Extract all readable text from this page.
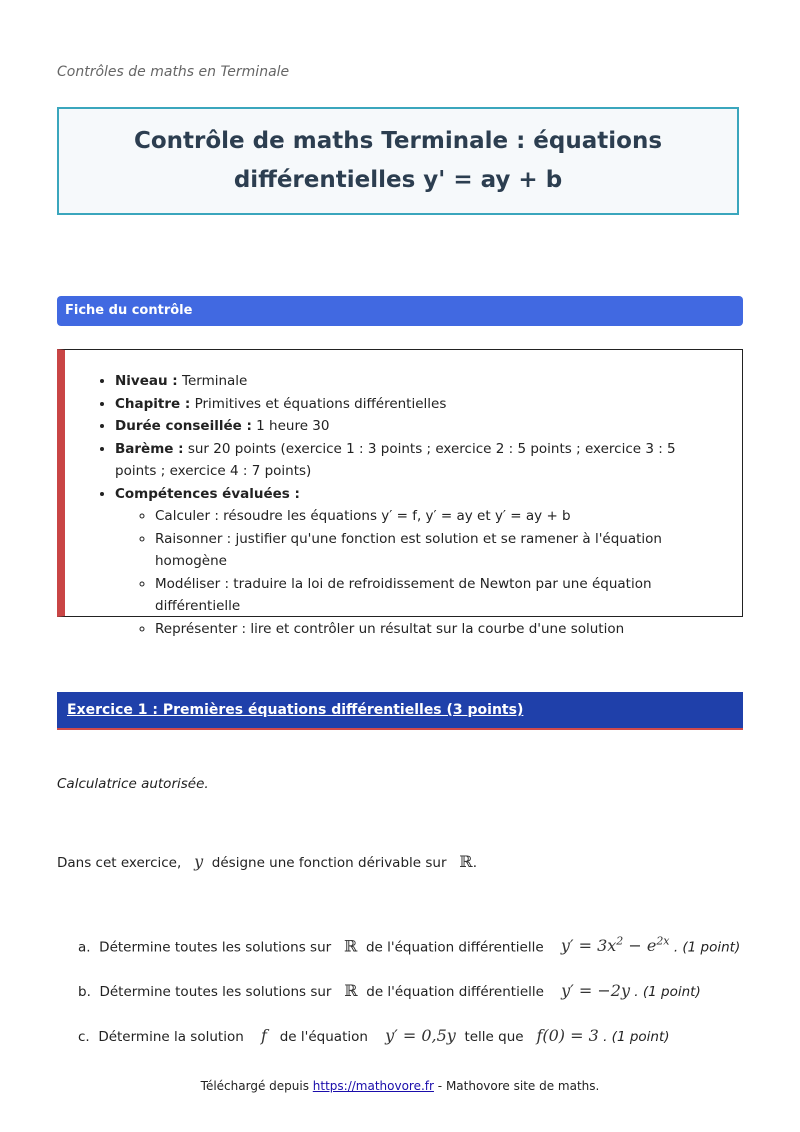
Contrôles de maths en Terminale
Contrôle de maths Terminale : équations différentielles y' = ay + b
Fiche du contrôle
• Niveau : Terminale
• Chapitre : Primitives et équations différentielles
• Durée conseillée : 1 heure 30
• Barème : sur 20 points (exercice 1 : 3 points ; exercice 2 : 5 points ; exercice 3 : 5 points ; exercice 4 : 7 points)
• Compétences évaluées :
◦ Calculer : résoudre les équations y′ = f, y′ = ay et y′ = ay + b
◦ Raisonner : justifier qu'une fonction est solution et se ramener à l'équation homogène
◦ Modéliser : traduire la loi de refroidissement de Newton par une équation différentielle
◦ Représenter : lire et contrôler un résultat sur la courbe d'une solution
Exercice 1 : Premières équations différentielles (3 points)
Calculatrice autorisée.
Dans cet exercice, y désigne une fonction dérivable sur ℝ.
a. Détermine toutes les solutions sur ℝ de l'équation différentielle $y' = 3x^2 - e^{2x}$ . (1 point)
b. Détermine toutes les solutions sur ℝ de l'équation différentielle y′ = −2y . (1 point)
c. Détermine la solution f de l'équation y′ = 0,5y telle que f(0) = 3 . (1 point)
Téléchargé depuis https://mathovore.fr - Mathovore site de maths.
